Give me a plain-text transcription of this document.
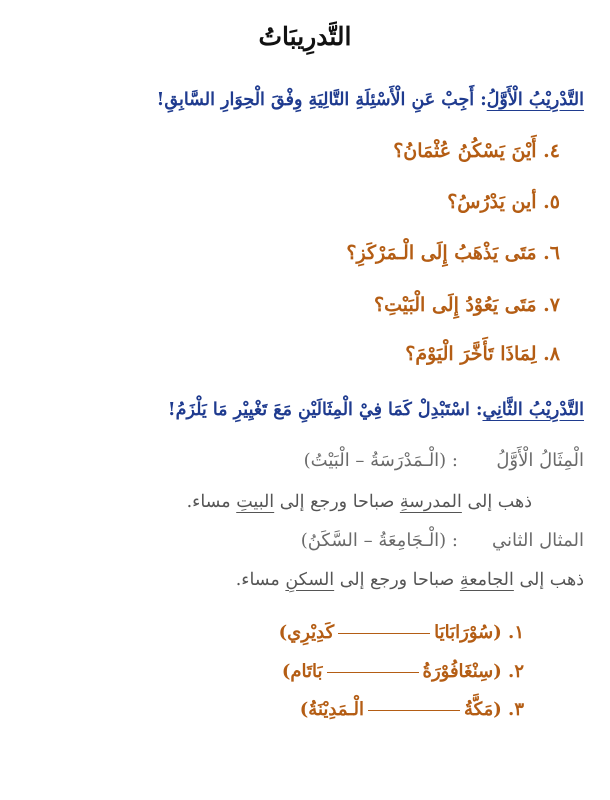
التَّدرِيبَاتُ
التَّدْرِيْبُ الْأَوَّلُ: أَجِبْ عَنِ الْأَسْئِلَةِ التَّالِيَةِ وِفْقَ الْحِوَارِ السَّابِقِ!
٤. أَيْنَ يَسْكُنُ عُثْمَانُ؟
٥. أين يَدْرُسُ؟
٦. مَتَى يَذْهَبُ إِلَى الْـمَرْكَزِ؟
٧. مَتَى يَعُوْدُ إِلَى الْبَيْتِ؟
٨. لِمَاذَا تَأَخَّرَ الْيَوْمَ؟
التَّدْرِيْبُ الثَّانِي: اسْتَبْدِلْ كَمَا فِيْ الْمِثَالَيْنِ مَعَ تَغْيِيْرِ مَا يَلْزَمُ!
الْمِثَالُ الْأَوَّلُ
: (الْـمَدْرَسَةُ – الْبَيْتُ)
ذهب إلى المدرسةِ صباحا ورجع إلى البيتِ مساء.
المثال الثاني
: (الْـجَامِعَةُ – السَّكَنُ)
ذهب إلى الجامعةِ صباحا ورجع إلى السكنِ مساء.
١. (سُوْرَابَايَاكَدِيْرِي)
٢. (سِنْغَافُوْرَةُبَاتَام)
٣. (مَكَّةُالْـمَدِيْنَةُ)
